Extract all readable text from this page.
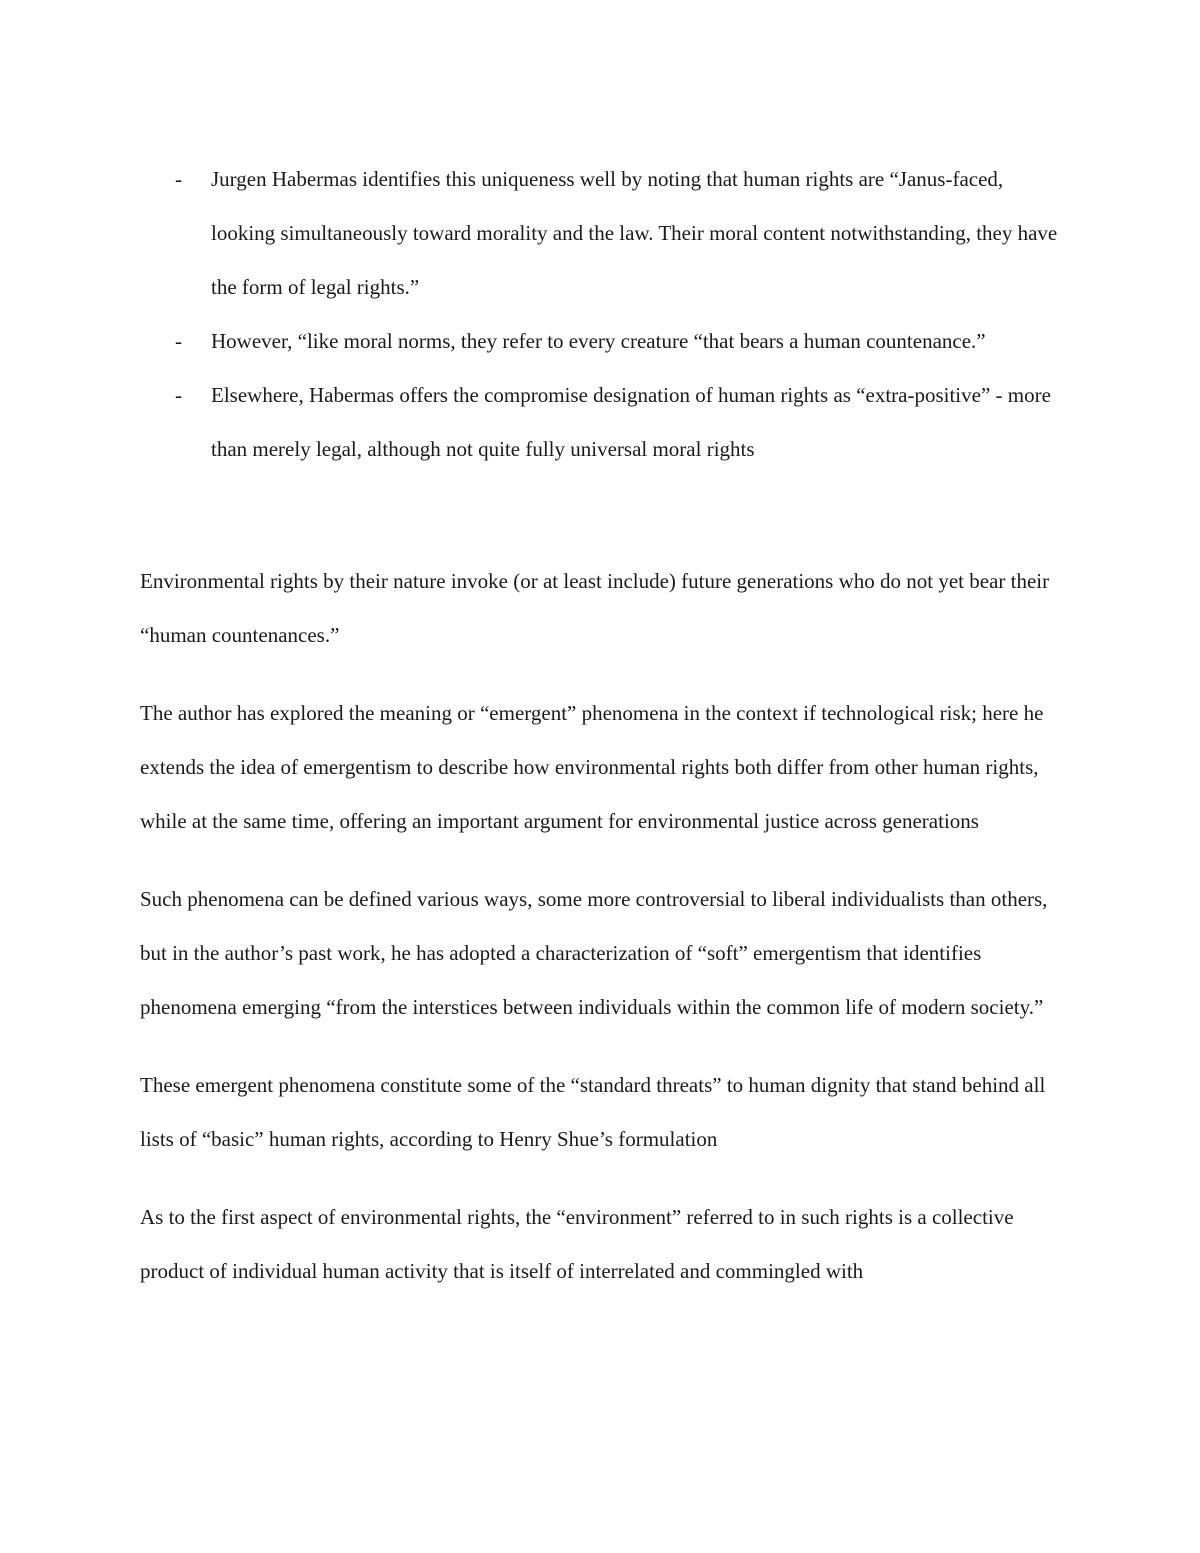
- Jurgen Habermas identifies this uniqueness well by noting that human rights are “Janus-faced, looking simultaneously toward morality and the law. Their moral content notwithstanding, they have the form of legal rights.”
- However, “like moral norms, they refer to every creature “that bears a human countenance.”
- Elsewhere, Habermas offers the compromise designation of human rights as “extra-positive” - more than merely legal, although not quite fully universal moral rights

Environmental rights by their nature invoke (or at least include) future generations who do not yet bear their “human countenances.”

The author has explored the meaning or “emergent” phenomena in the context if technological risk; here he extends the idea of emergentism to describe how environmental rights both differ from other human rights, while at the same time, offering an important argument for environmental justice across generations

Such phenomena can be defined various ways, some more controversial to liberal individualists than others, but in the author’s past work, he has adopted a characterization of “soft” emergentism that identifies phenomena emerging “from the interstices between individuals within the common life of modern society.”

These emergent phenomena constitute some of the “standard threats” to human dignity that stand behind all lists of “basic” human rights, according to Henry Shue’s formulation

As to the first aspect of environmental rights, the “environment” referred to in such rights is a collective product of individual human activity that is itself of interrelated and commingled with
